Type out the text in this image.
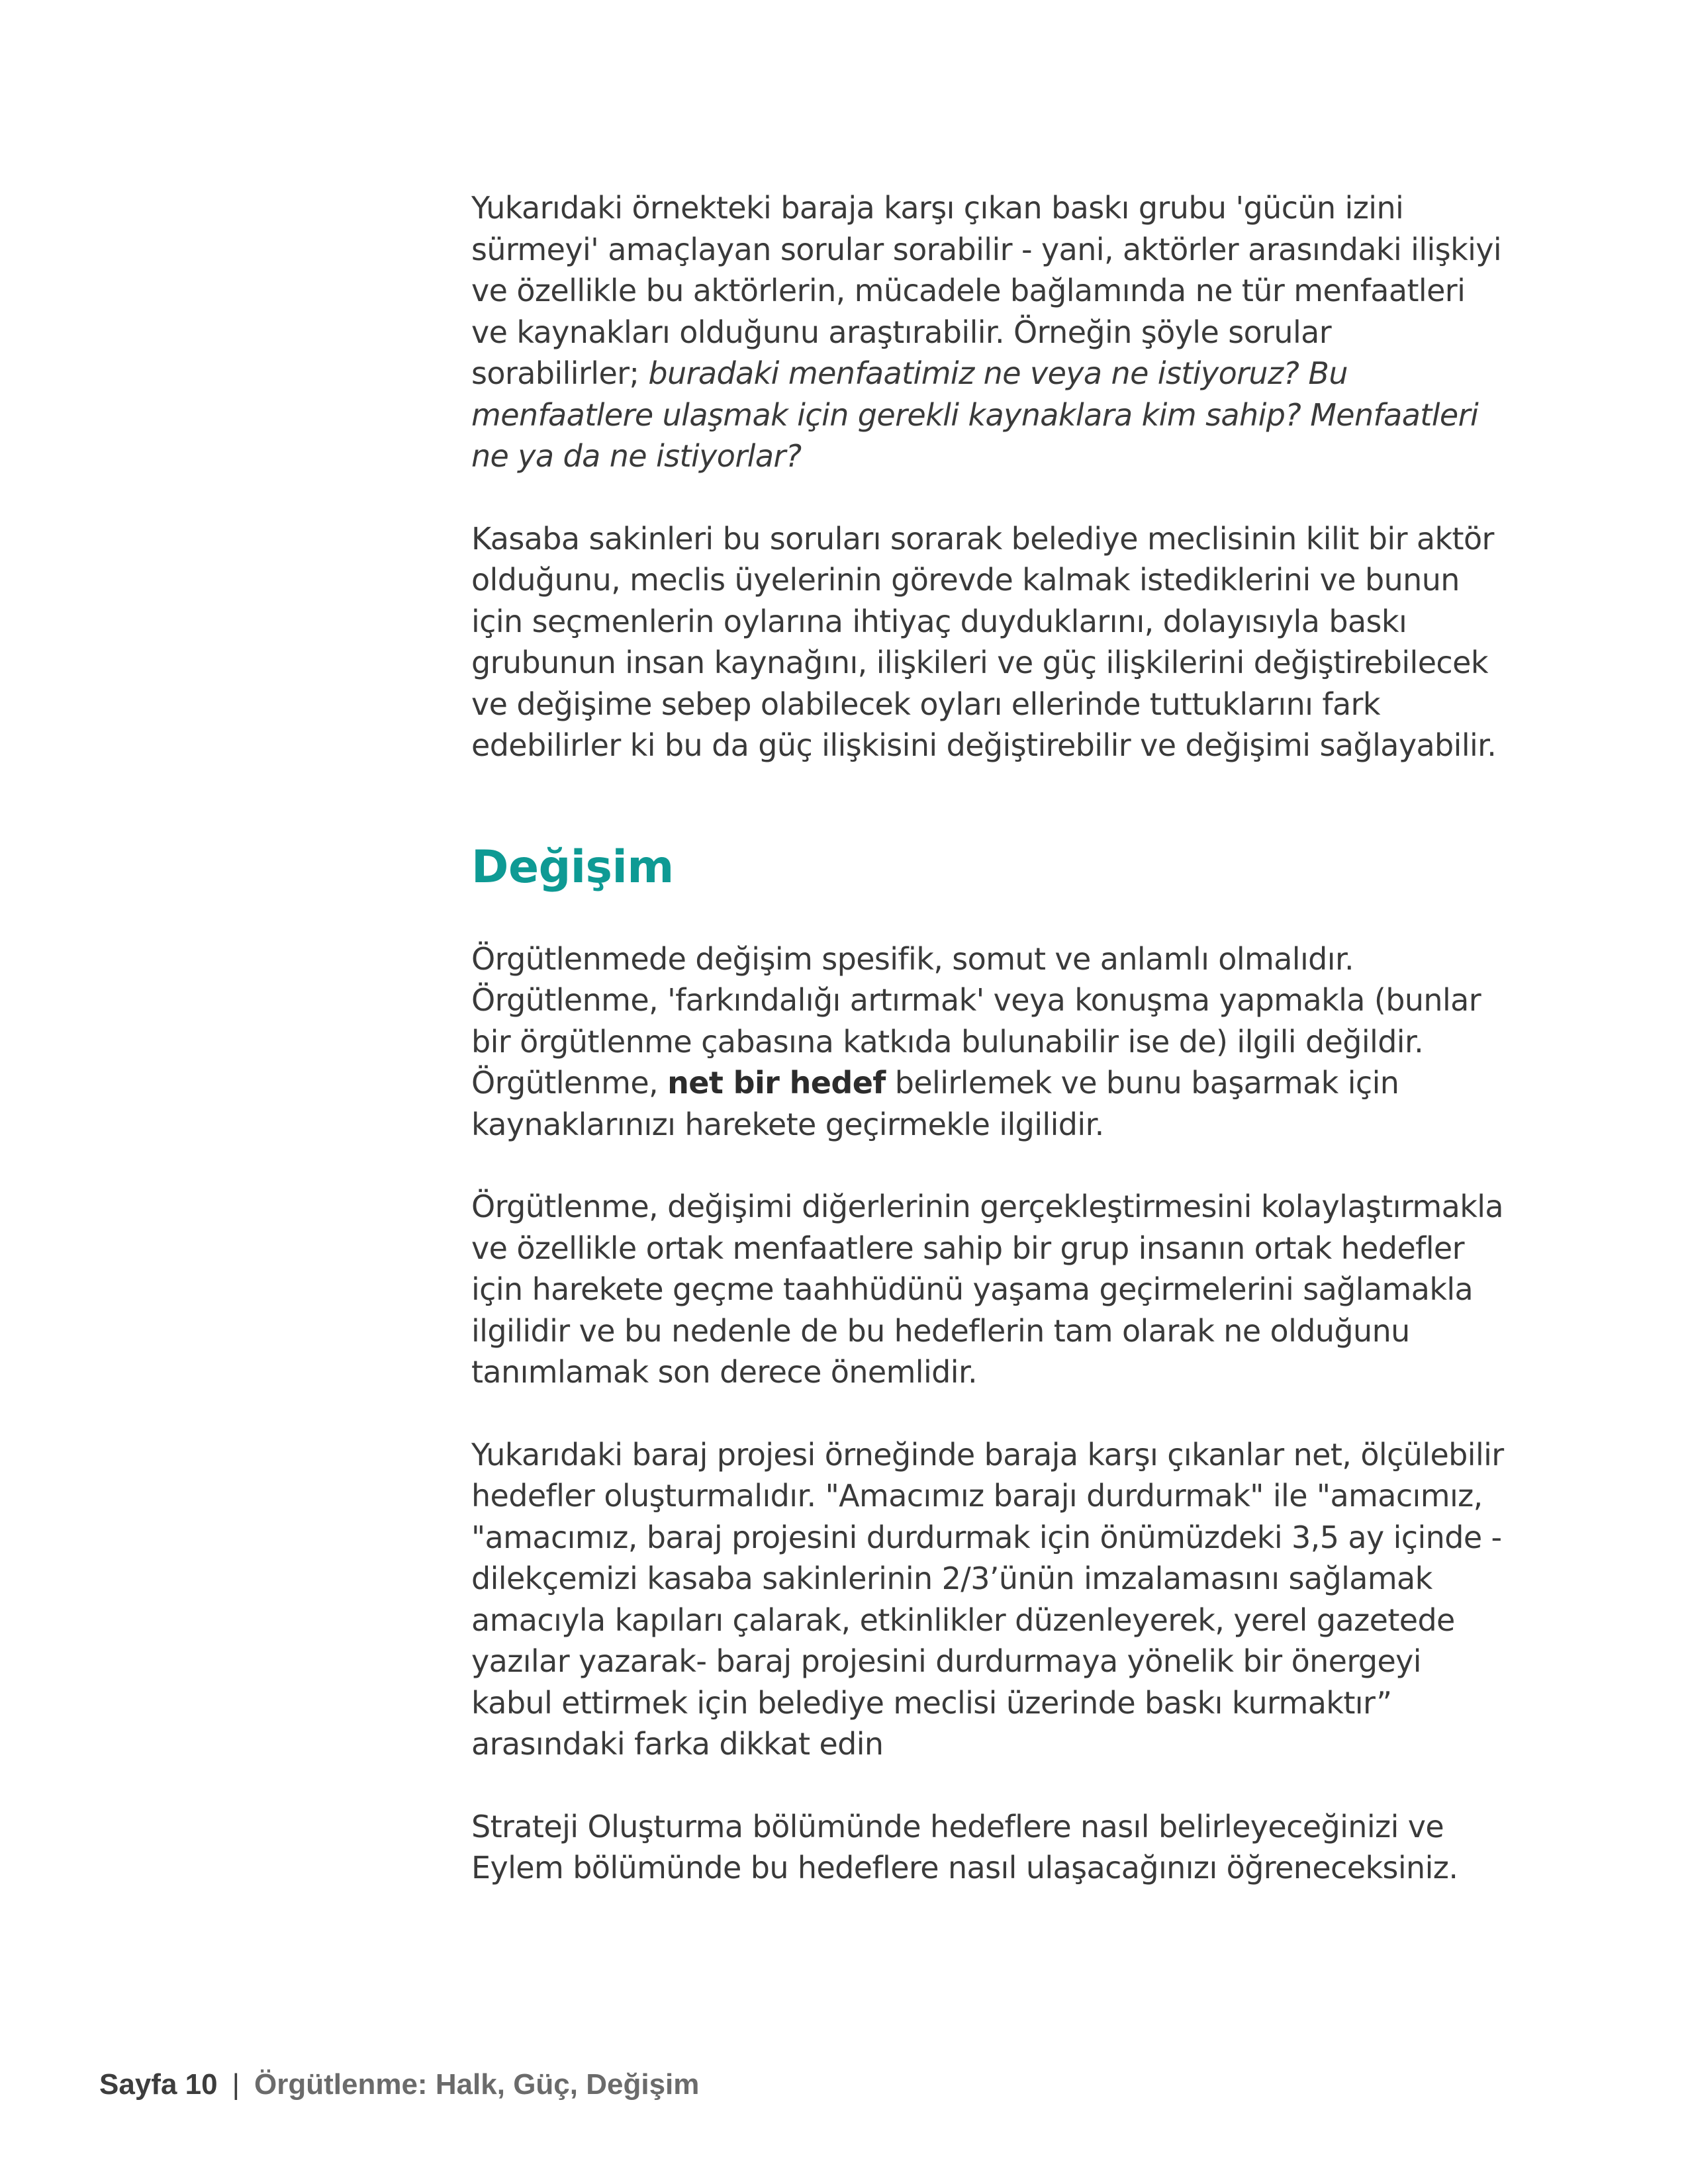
Yukarıdaki örnekteki baraja karşı çıkan baskı grubu 'gücün izini sürmeyi' amaçlayan sorular sorabilir - yani, aktörler arasındaki ilişkiyi ve özellikle bu aktörlerin, mücadele bağlamında ne tür menfaatleri ve kaynakları olduğunu araştırabilir. Örneğin şöyle sorular sorabilirler; buradaki menfaatimiz ne veya ne istiyoruz? Bu menfaatlere ulaşmak için gerekli kaynaklara kim sahip? Menfaatleri ne ya da ne istiyorlar?

Kasaba sakinleri bu soruları sorarak belediye meclisinin kilit bir aktör olduğunu, meclis üyelerinin görevde kalmak istediklerini ve bunun için seçmenlerin oylarına ihtiyaç duyduklarını, dolayısıyla baskı grubunun insan kaynağını, ilişkileri ve güç ilişkilerini değiştirebilecek ve değişime sebep olabilecek oyları ellerinde tuttuklarını fark edebilirler ki bu da güç ilişkisini değiştirebilir ve değişimi sağlayabilir.

Değişim

Örgütlenmede değişim spesifik, somut ve anlamlı olmalıdır. Örgütlenme, 'farkındalığı artırmak' veya konuşma yapmakla (bunlar bir örgütlenme çabasına katkıda bulunabilir ise de) ilgili değildir. Örgütlenme, net bir hedef belirlemek ve bunu başarmak için kaynaklarınızı harekete geçirmekle ilgilidir.

Örgütlenme, değişimi diğerlerinin gerçekleştirmesini kolaylaştırmakla ve özellikle ortak menfaatlere sahip bir grup insanın ortak hedefler için harekete geçme taahhüdünü yaşama geçirmelerini sağlamakla ilgilidir ve bu nedenle de bu hedeflerin tam olarak ne olduğunu tanımlamak son derece önemlidir.

Yukarıdaki baraj projesi örneğinde baraja karşı çıkanlar net, ölçülebilir hedefler oluşturmalıdır. "Amacımız barajı durdurmak" ile "amacımız, "amacımız, baraj projesini durdurmak için önümüzdeki 3,5 ay içinde - dilekçemizi kasaba sakinlerinin 2/3’ünün imzalamasını sağlamak amacıyla kapıları çalarak, etkinlikler düzenleyerek, yerel gazetede yazılar yazarak- baraj projesini durdurmaya yönelik bir önergeyi kabul ettirmek için belediye meclisi üzerinde baskı kurmaktır” arasındaki farka dikkat edin

Strateji Oluşturma bölümünde hedeflere nasıl belirleyeceğinizi ve Eylem bölümünde bu hedeflere nasıl ulaşacağınızı öğreneceksiniz.

Sayfa 10 | Örgütlenme: Halk, Güç, Değişim
